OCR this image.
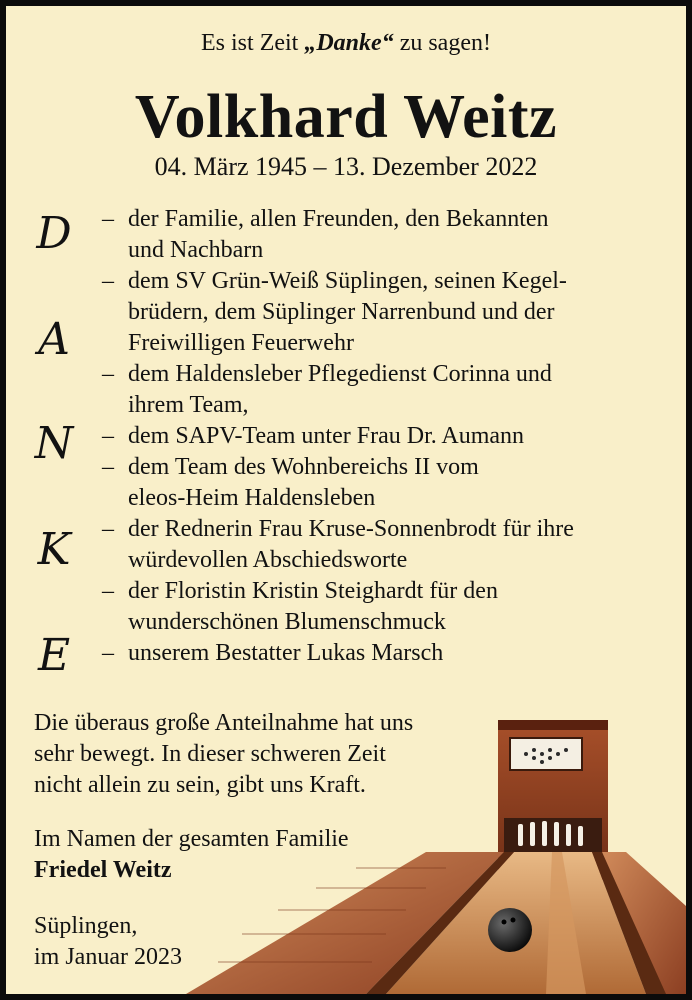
Es ist Zeit „Danke“ zu sagen!
Volkhard Weitz
04. März 1945 – 13. Dezember 2022
D
A
N
K
E
– der Familie, allen Freunden, den Bekannten
und Nachbarn
– dem SV Grün-Weiß Süplingen, seinen Kegel-
brüdern, dem Süplinger Narrenbund und der
Freiwilligen Feuerwehr
– dem Haldensleber Pflegedienst Corinna und
ihrem Team,
– dem SAPV-Team unter Frau Dr. Aumann
– dem Team des Wohnbereichs II vom
eleos-Heim Haldensleben
– der Rednerin Frau Kruse-Sonnenbrodt für ihre
würdevollen Abschiedsworte
– der Floristin Kristin Steighardt für den
wunderschönen Blumenschmuck
– unserem Bestatter Lukas Marsch
Die überaus große Anteilnahme hat uns
sehr bewegt. In dieser schweren Zeit
nicht allein zu sein, gibt uns Kraft.
Im Namen der gesamten Familie
Friedel Weitz
Süplingen,
im Januar 2023
